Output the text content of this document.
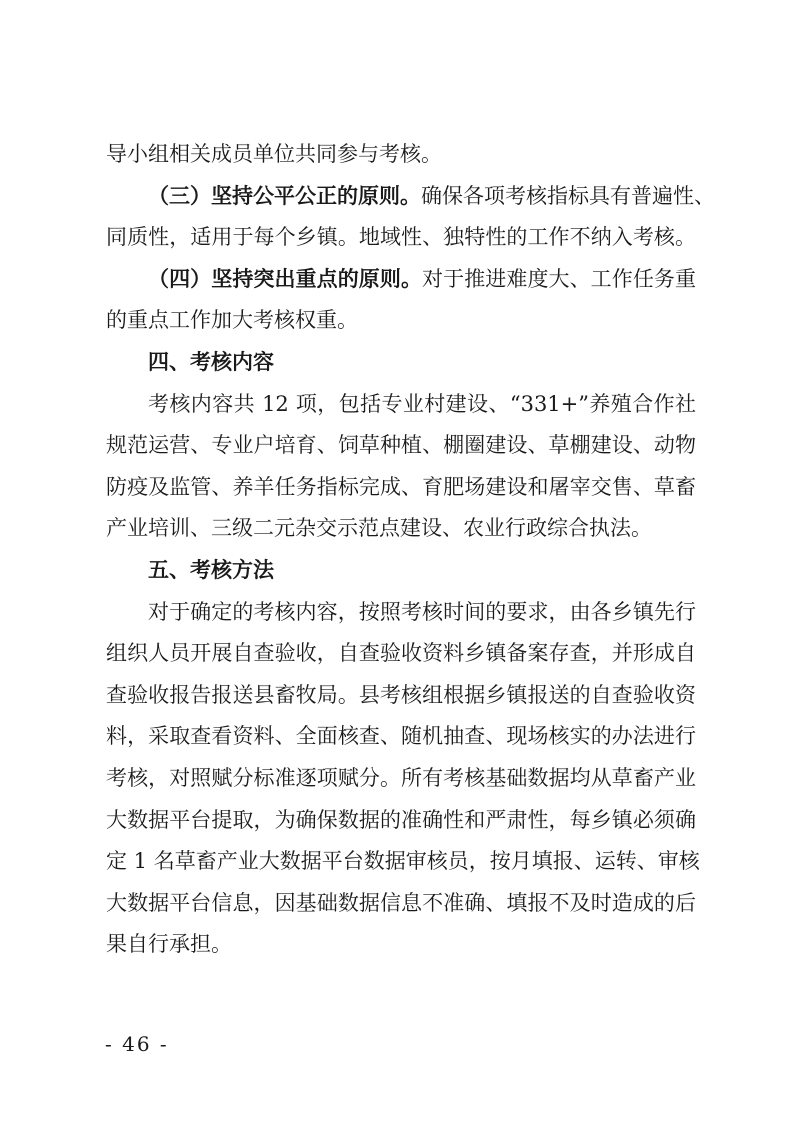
导小组相关成员单位共同参与考核。
（三）坚持公平公正的原则。确保各项考核指标具有普遍性、
同质性，适用于每个乡镇。地域性、独特性的工作不纳入考核。
（四）坚持突出重点的原则。对于推进难度大、工作任务重
的重点工作加大考核权重。
四、考核内容
考核内容共 12 项，包括专业村建设、“331+”养殖合作社
规范运营、专业户培育、饲草种植、棚圈建设、草棚建设、动物
防疫及监管、养羊任务指标完成、育肥场建设和屠宰交售、草畜
产业培训、三级二元杂交示范点建设、农业行政综合执法。
五、考核方法
对于确定的考核内容，按照考核时间的要求，由各乡镇先行
组织人员开展自查验收，自查验收资料乡镇备案存查，并形成自
查验收报告报送县畜牧局。县考核组根据乡镇报送的自查验收资
料，采取查看资料、全面核查、随机抽查、现场核实的办法进行
考核，对照赋分标准逐项赋分。所有考核基础数据均从草畜产业
大数据平台提取，为确保数据的准确性和严肃性，每乡镇必须确
定 1 名草畜产业大数据平台数据审核员，按月填报、运转、审核
大数据平台信息，因基础数据信息不准确、填报不及时造成的后
果自行承担。
- 46 -
